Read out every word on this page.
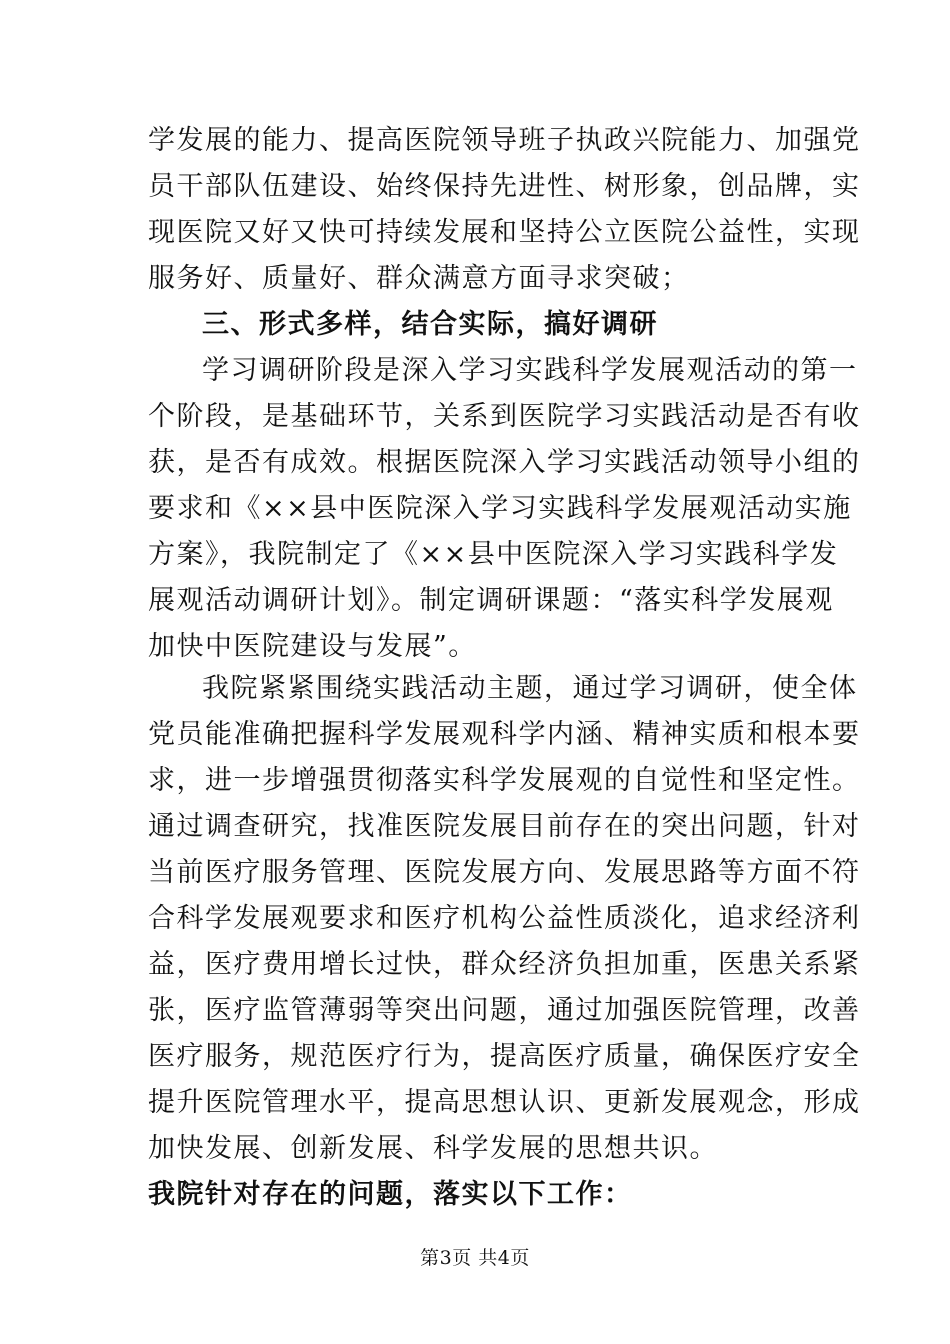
学发展的能力、提高医院领导班子执政兴院能力、加强党
员干部队伍建设、始终保持先进性、树形象，创品牌，实
现医院又好又快可持续发展和坚持公立医院公益性，实现
服务好、质量好、群众满意方面寻求突破；
三、形式多样，结合实际，搞好调研
学习调研阶段是深入学习实践科学发展观活动的第一
个阶段，是基础环节，关系到医院学习实践活动是否有收
获，是否有成效。根据医院深入学习实践活动领导小组的
要求和《××县中医院深入学习实践科学发展观活动实施
方案》，我院制定了《××县中医院深入学习实践科学发
展观活动调研计划》。制定调研课题：“落实科学发展观
加快中医院建设与发展”。
我院紧紧围绕实践活动主题，通过学习调研，使全体
党员能准确把握科学发展观科学内涵、精神实质和根本要
求，进一步增强贯彻落实科学发展观的自觉性和坚定性。
通过调查研究，找准医院发展目前存在的突出问题，针对
当前医疗服务管理、医院发展方向、发展思路等方面不符
合科学发展观要求和医疗机构公益性质淡化，追求经济利
益，医疗费用增长过快，群众经济负担加重，医患关系紧
张，医疗监管薄弱等突出问题，通过加强医院管理，改善
医疗服务，规范医疗行为，提高医疗质量，确保医疗安全
提升医院管理水平，提高思想认识、更新发展观念，形成
加快发展、创新发展、科学发展的思想共识。
我院针对存在的问题，落实以下工作：
第3页 共4页
